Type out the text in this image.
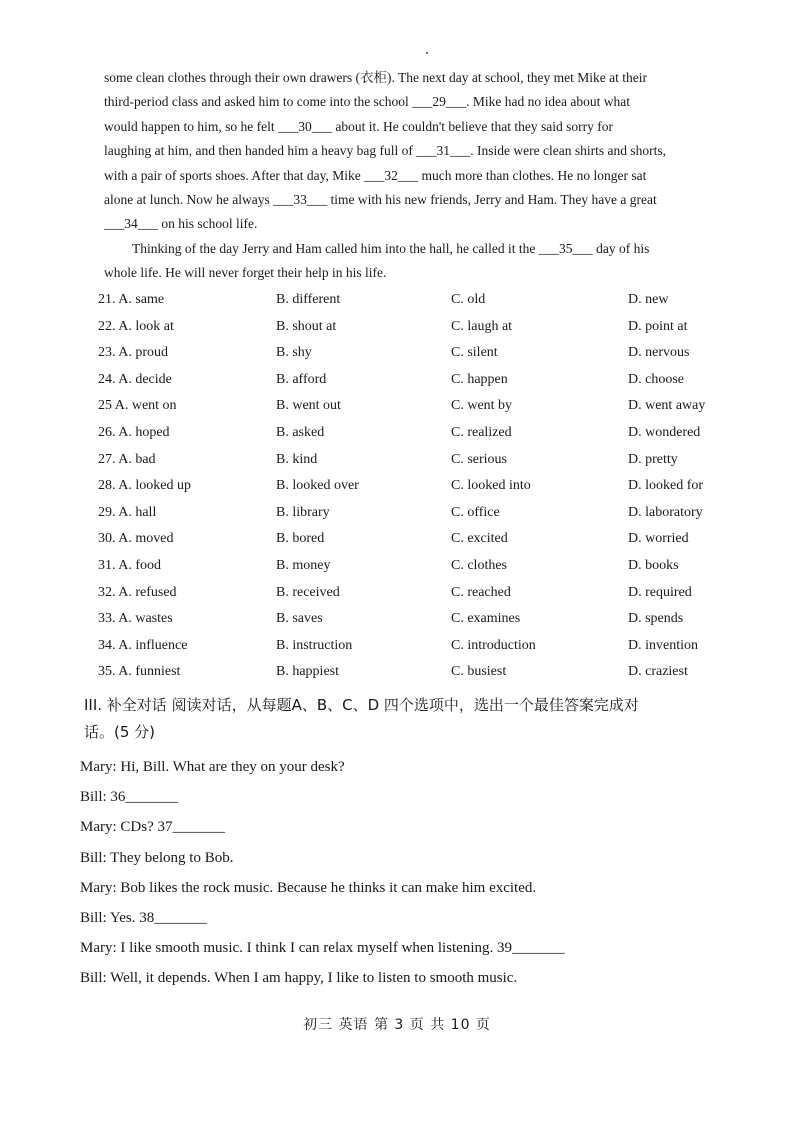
some clean clothes through their own drawers (衣柜). The next day at school, they met Mike at their
third-period class and asked him to come into the school ___29___. Mike had no idea about what
would happen to him, so he felt ___30___ about it. He couldn't believe that they said sorry for
laughing at him, and then handed him a heavy bag full of ___31___. Inside were clean shirts and shorts,
with a pair of sports shoes. After that day, Mike ___32___ much more than clothes. He no longer sat
alone at lunch. Now he always ___33___ time with his new friends, Jerry and Ham. They have a great
___34___ on his school life.
Thinking of the day Jerry and Ham called him into the hall, he called it the ___35___ day of his
whole life. He will never forget their help in his life.
21. A. same	B. different	C. old	D. new
22. A. look at	B. shout at	C. laugh at	D. point at
23. A. proud	B. shy	C. silent	D. nervous
24. A. decide	B. afford	C. happen	D. choose
25 A. went on	B. went out	C. went by	D. went away
26. A. hoped	B. asked	C. realized	D. wondered
27. A. bad	B. kind	C. serious	D. pretty
28. A. looked up	B. looked over	C. looked into	D. looked for
29. A. hall	B. library	C. office	D. laboratory
30. A. moved	B. bored	C. excited	D. worried
31. A. food	B. money	C. clothes	D. books
32. A. refused	B. received	C. reached	D. required
33. A. wastes	B. saves	C. examines	D. spends
34. A. influence	B. instruction	C. introduction	D. invention
35. A. funniest	B. happiest	C. busiest	D. craziest
III. 补全对话 阅读对话，从每题A、B、C、D 四个选项中，选出一个最佳答案完成对
话。(5 分)
Mary: Hi, Bill. What are they on your desk?
Bill: 36_______
Mary: CDs? 37_______
Bill: They belong to Bob.
Mary: Bob likes the rock music. Because he thinks it can make him excited.
Bill: Yes. 38_______
Mary: I like smooth music. I think I can relax myself when listening. 39_______
Bill: Well, it depends. When I am happy, I like to listen to smooth music.
初三 英语 第 3 页 共 10 页
